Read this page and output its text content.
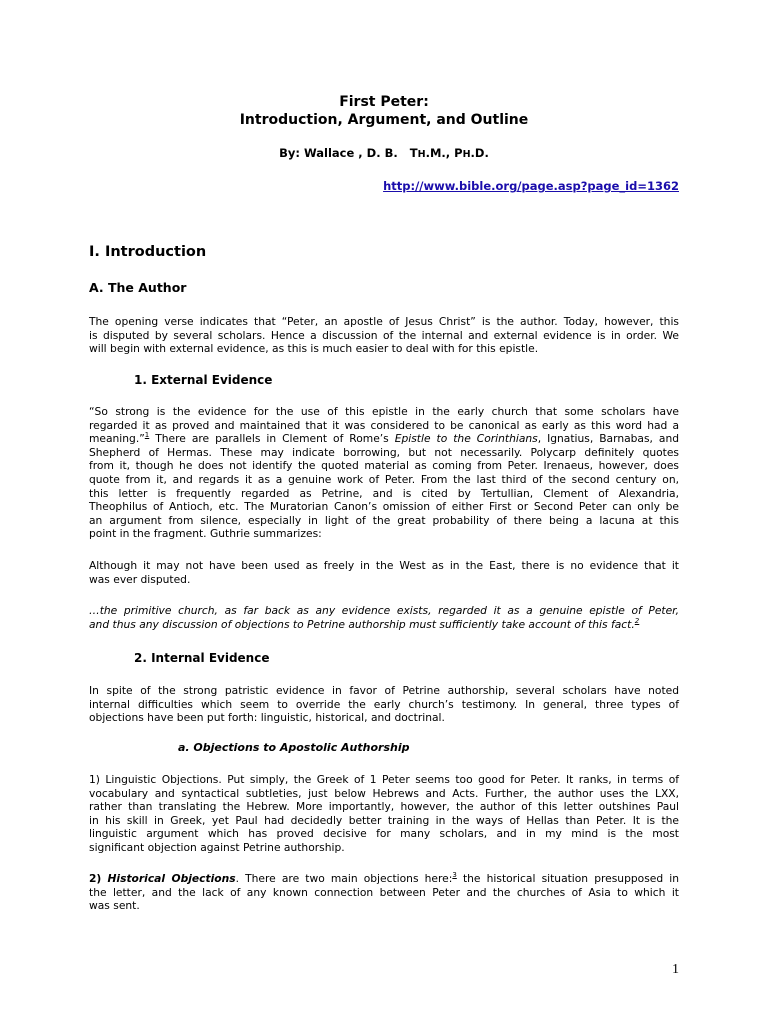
First Peter:
Introduction, Argument, and Outline
By: Wallace , D. B. TH.M., PH.D.
http://www.bible.org/page.asp?page_id=1362
I. Introduction
A. The Author
The opening verse indicates that “Peter, an apostle of Jesus Christ” is the author. Today, however, this
is disputed by several scholars. Hence a discussion of the internal and external evidence is in order. We
will begin with external evidence, as this is much easier to deal with for this epistle.
1. External Evidence
“So strong is the evidence for the use of this epistle in the early church that some scholars have
regarded it as proved and maintained that it was considered to be canonical as early as this word had a
meaning.”$^1$ There are parallels in Clement of Rome’s Epistle to the Corinthians, Ignatius, Barnabas, and
Shepherd of Hermas. These may indicate borrowing, but not necessarily. Polycarp definitely quotes
from it, though he does not identify the quoted material as coming from Peter. Irenaeus, however, does
quote from it, and regards it as a genuine work of Peter. From the last third of the second century on,
this letter is frequently regarded as Petrine, and is cited by Tertullian, Clement of Alexandria,
Theophilus of Antioch, etc. The Muratorian Canon’s omission of either First or Second Peter can only be
an argument from silence, especially in light of the great probability of there being a lacuna at this
point in the fragment. Guthrie summarizes:
Although it may not have been used as freely in the West as in the East, there is no evidence that it
was ever disputed.
…the primitive church, as far back as any evidence exists, regarded it as a genuine epistle of Peter,
and thus any discussion of objections to Petrine authorship must sufficiently take account of this fact.$^2$
2. Internal Evidence
In spite of the strong patristic evidence in favor of Petrine authorship, several scholars have noted
internal difficulties which seem to override the early church’s testimony. In general, three types of
objections have been put forth: linguistic, historical, and doctrinal.
a. Objections to Apostolic Authorship
1) Linguistic Objections. Put simply, the Greek of 1 Peter seems too good for Peter. It ranks, in terms of
vocabulary and syntactical subtleties, just below Hebrews and Acts. Further, the author uses the LXX,
rather than translating the Hebrew. More importantly, however, the author of this letter outshines Paul
in his skill in Greek, yet Paul had decidedly better training in the ways of Hellas than Peter. It is the
linguistic argument which has proved decisive for many scholars, and in my mind is the most
significant objection against Petrine authorship.
2) Historical Objections. There are two main objections here:$^3$ the historical situation presupposed in
the letter, and the lack of any known connection between Peter and the churches of Asia to which it
was sent.
1
